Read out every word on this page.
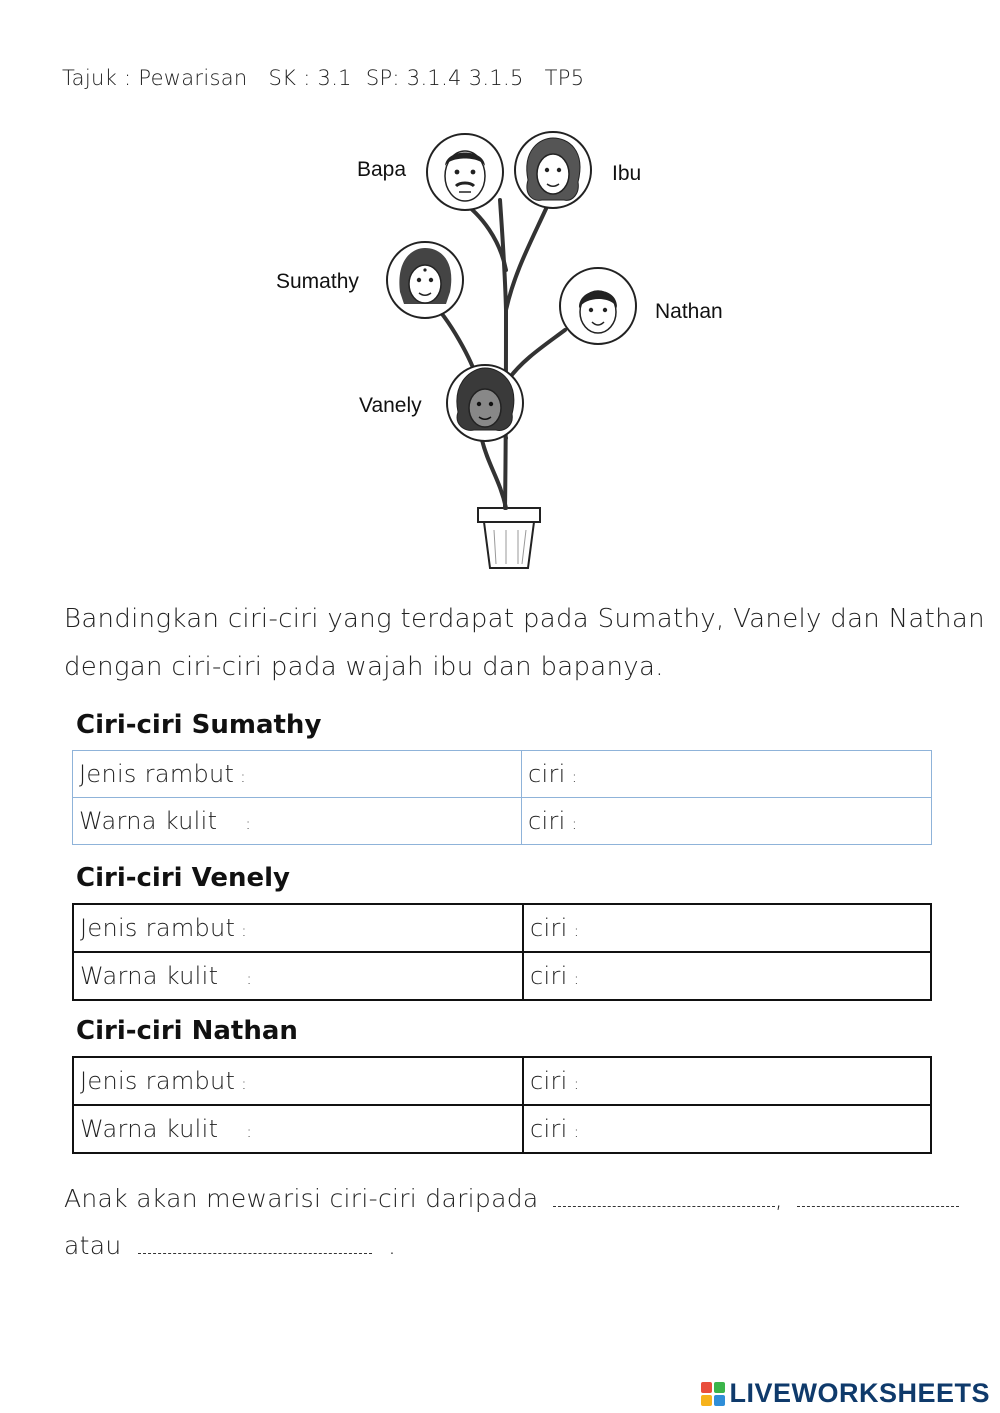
Tajuk : Pewarisan SK : 3.1 SP: 3.1.4 3.1.5 TP5
Bapa	Ibu
Sumathy
Nathan
Vanely
Bandingkan ciri-ciri yang terdapat pada Sumathy, Vanely dan Nathan
dengan ciri-ciri pada wajah ibu dan bapanya.
Ciri-ciri Sumathy
Jenis rambut :	ciri :
Warna kulit :	ciri :
Ciri-ciri Venely
Jenis rambut :	ciri :
Warna kulit :	ciri :
Ciri-ciri Nathan
Jenis rambut :	ciri :
Warna kulit :	ciri :
Anak akan mewarisi ciri-ciri daripada	,
atau	.
LIVEWORKSHEETS
